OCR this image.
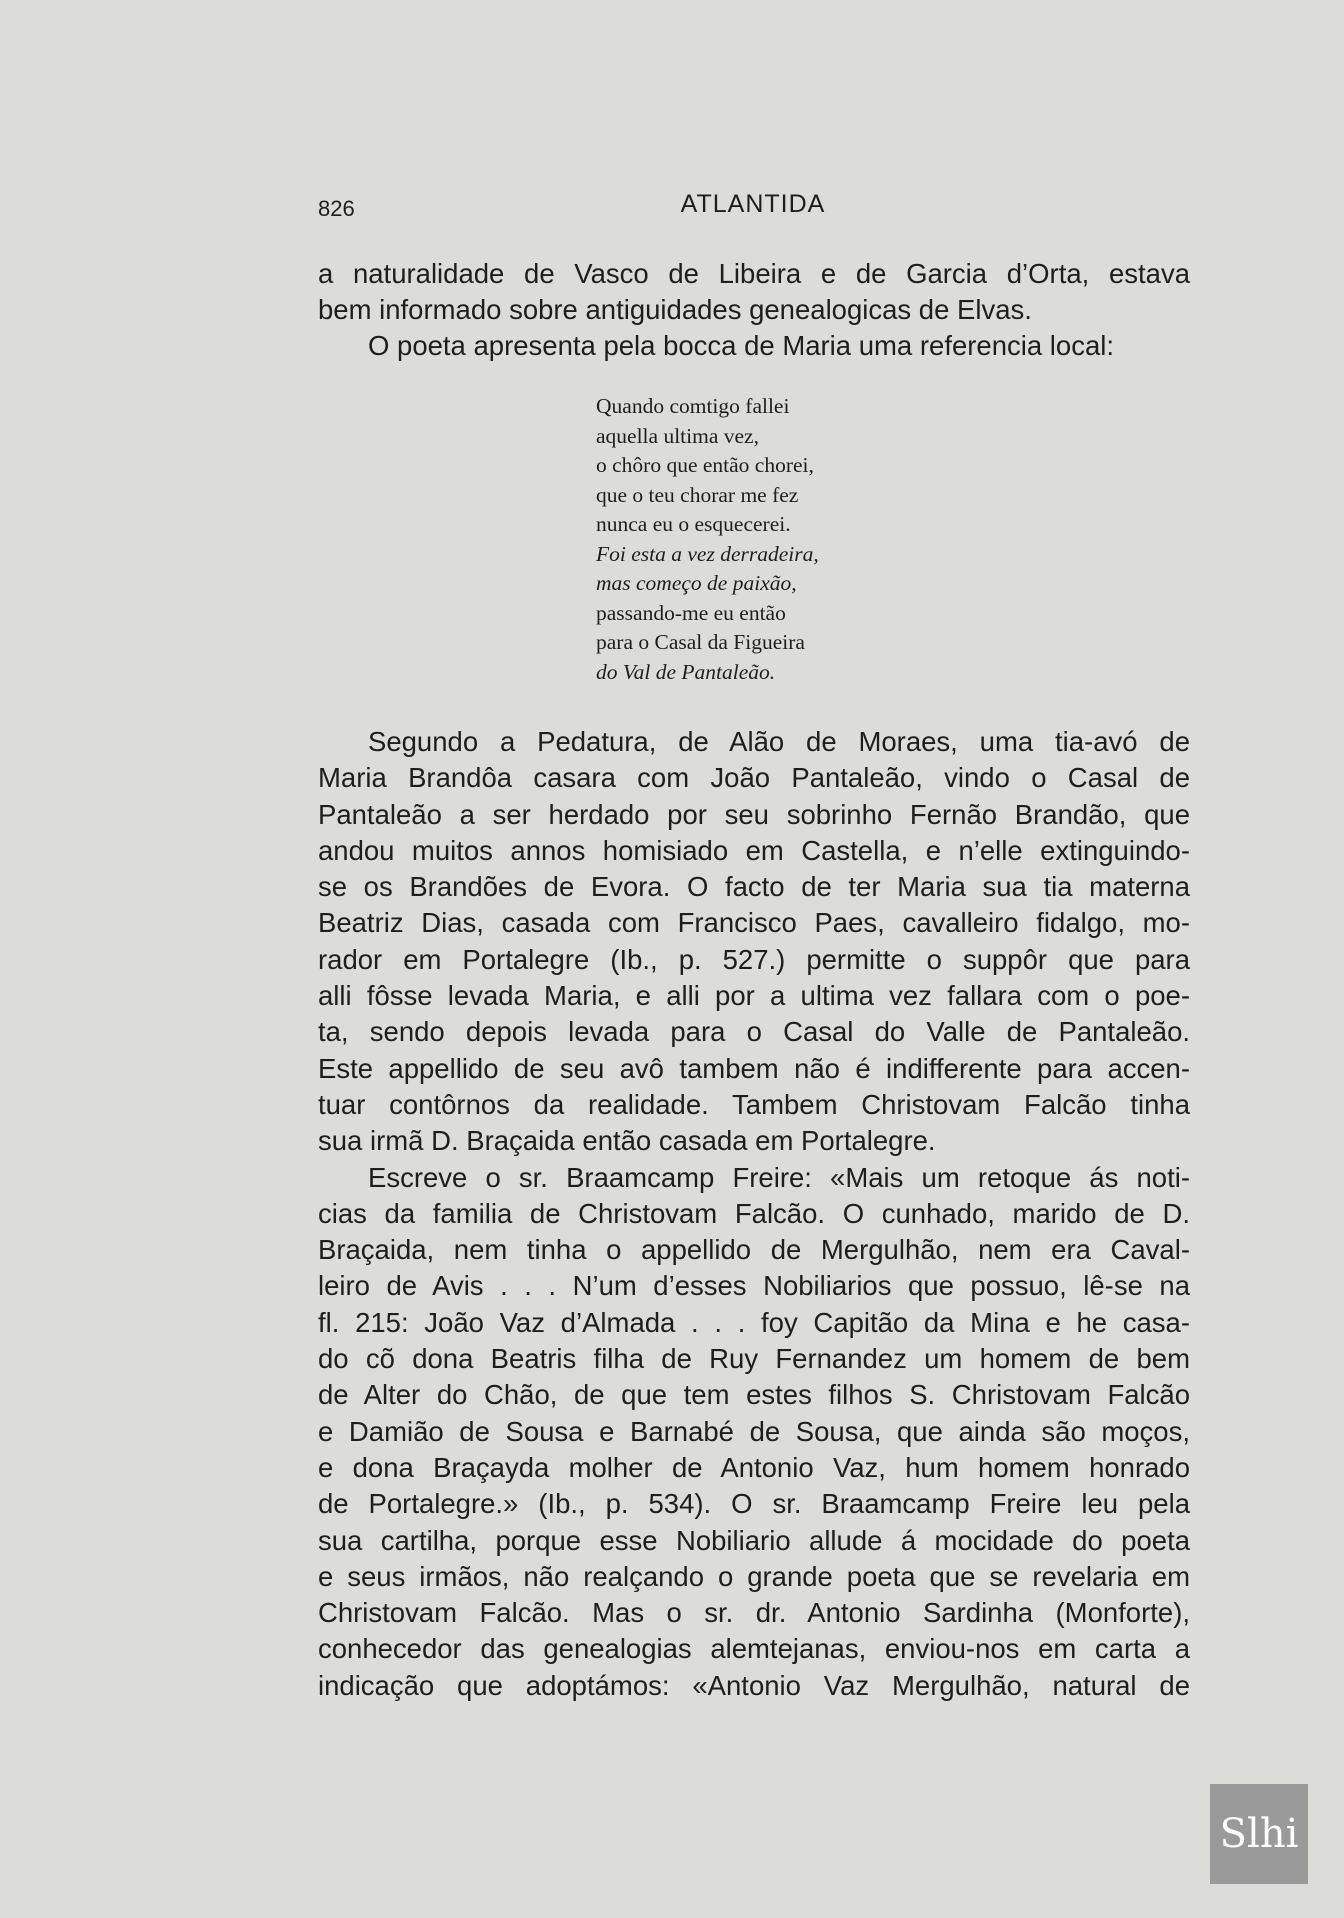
826	ATLANTIDA
a naturalidade de Vasco de Libeira e de Garcia d’Orta, estava
bem informado sobre antiguidades genealogicas de Elvas.
O poeta apresenta pela bocca de Maria uma referencia local:
Quando comtigo fallei
aquella ultima vez,
o chôro que então chorei,
que o teu chorar me fez
nunca eu o esquecerei.
Foi esta a vez derradeira,
mas começo de paixão,
passando-me eu então
para o Casal da Figueira
do Val de Pantaleão.
Segundo a Pedatura, de Alão de Moraes, uma tia-avó de
Maria Brandôa casara com João Pantaleão, vindo o Casal de
Pantaleão a ser herdado por seu sobrinho Fernão Brandão, que
andou muitos annos homisiado em Castella, e n’elle extinguindo-
se os Brandões de Evora. O facto de ter Maria sua tia materna
Beatriz Dias, casada com Francisco Paes, cavalleiro fidalgo, mo-
rador em Portalegre (Ib., p. 527.) permitte o suppôr que para
alli fôsse levada Maria, e alli por a ultima vez fallara com o poe-
ta, sendo depois levada para o Casal do Valle de Pantaleão.
Este appellido de seu avô tambem não é indifferente para accen-
tuar contôrnos da realidade. Tambem Christovam Falcão tinha
sua irmã D. Braçaida então casada em Portalegre.
Escreve o sr. Braamcamp Freire: «Mais um retoque ás noti-
cias da familia de Christovam Falcão. O cunhado, marido de D.
Braçaida, nem tinha o appellido de Mergulhão, nem era Caval-
leiro de Avis . . . N’um d’esses Nobiliarios que possuo, lê-se na
fl. 215: João Vaz d’Almada . . . foy Capitão da Mina e he casa-
do cõ dona Beatris filha de Ruy Fernandez um homem de bem
de Alter do Chão, de que tem estes filhos S. Christovam Falcão
e Damião de Sousa e Barnabé de Sousa, que ainda são moços,
e dona Braçayda molher de Antonio Vaz, hum homem honrado
de Portalegre.» (Ib., p. 534). O sr. Braamcamp Freire leu pela
sua cartilha, porque esse Nobiliario allude á mocidade do poeta
e seus irmãos, não realçando o grande poeta que se revelaria em
Christovam Falcão. Mas o sr. dr. Antonio Sardinha (Monforte),
conhecedor das genealogias alemtejanas, enviou-nos em carta a
indicação que adoptámos: «Antonio Vaz Mergulhão, natural de
Slhi
